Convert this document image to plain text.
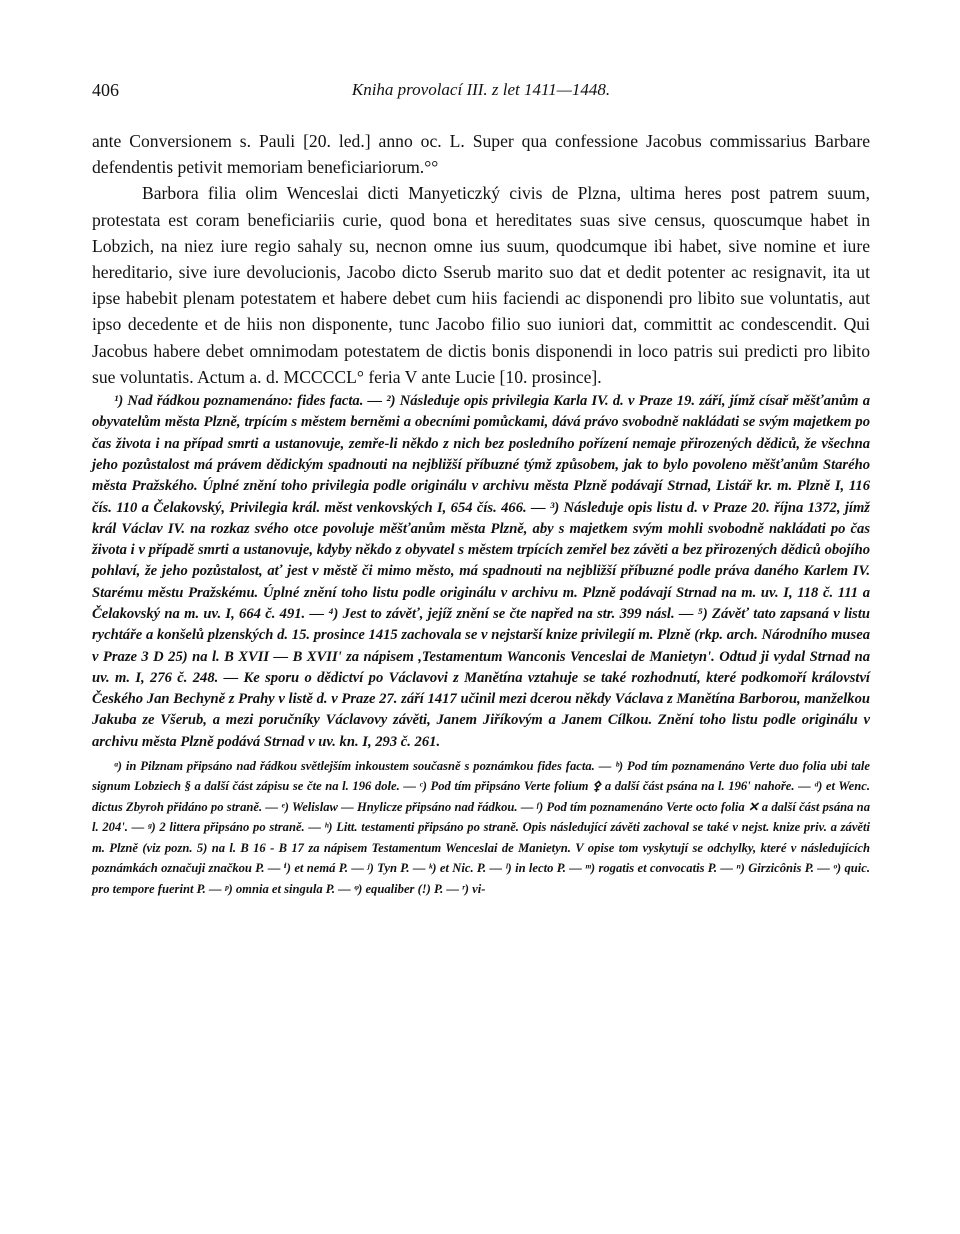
406	Kniha provolací III. z let 1411—1448.

ante Conversionem s. Pauli [20. led.] anno oc. L. Super qua confessione Jacobus commissarius Barbare defendentis petivit memoriam beneficiariorum.°°

Barbora filia olim Wenceslai dicti Manyeticzký civis de Plzna, ultima heres post patrem suum, protestata est coram beneficiariis curie, quod bona et hereditates suas sive census, quoscumque habet in Lobzich, na niez iure regio sahaly su, necnon omne ius suum, quodcumque ibi habet, sive nomine et iure hereditario, sive iure devolucionis, Jacobo dicto Sserub marito suo dat et dedit potenter ac resignavit, ita ut ipse habebit plenam potestatem et habere debet cum hiis faciendi ac disponendi pro libito sue voluntatis, aut ipso decedente et de hiis non disponente, tunc Jacobo filio suo iuniori dat, committit ac condescendit. Qui Jacobus habere debet omnimodam potestatem de dictis bonis disponendi in loco patris sui predicti pro libito sue voluntatis. Actum a. d. MCCCCL° feria V ante Lucie [10. prosince].

¹) Nad řádkou poznamenáno: fides facta. — ²) Následuje opis privilegia Karla IV. d. v Praze 19. září, jímž císař měšťanům a obyvatelům města Plzně, trpícím s městem berněmi a obecními pomůckami, dává právo svobodně nakládati se svým majetkem po čas života i na případ smrti a ustanovuje, zemře-li někdo z nich bez posledního pořízení nemaje přirozených dědiců, že všechna jeho pozůstalost má právem dědickým spadnouti na nejbližší příbuzné týmž způsobem, jak to bylo povoleno měšťanům Starého města Pražského. Úplné znění toho privilegia podle originálu v archivu města Plzně podávají Strnad, Listář kr. m. Plzně I, 116 čís. 110 a Čelakovský, Privilegia král. měst venkovských I, 654 čís. 466. — ³) Následuje opis listu d. v Praze 20. října 1372, jímž král Václav IV. na rozkaz svého otce povoluje měšťanům města Plzně, aby s majetkem svým mohli svobodně nakládati po čas života i v případě smrti a ustanovuje, kdyby někdo z obyvatel s městem trpících zemřel bez závěti a bez přirozených dědiců obojího pohlaví, že jeho pozůstalost, ať jest v městě či mimo město, má spadnouti na nejbližší příbuzné podle práva daného Karlem IV. Starému městu Pražskému. Úplné znění toho listu podle originálu v archivu m. Plzně podávají Strnad na m. uv. I, 118 č. 111 a Čelakovský na m. uv. I, 664 č. 491. — ⁴) Jest to závěť, jejíž znění se čte napřed na str. 399 násl. — ⁵) Závěť tato zapsaná v listu rychtáře a konšelů plzenských d. 15. prosince 1415 zachovala se v nejstarší knize privilegií m. Plzně (rkp. arch. Národního musea v Praze 3 D 25) na l. B XVII — B XVII' za nápisem ,Testamentum Wanconis Venceslai de Manietyn'. Odtud ji vydal Strnad na uv. m. I, 276 č. 248. — Ke sporu o dědictví po Václavovi z Manětína vztahuje se také rozhodnutí, které podkomoří království Českého Jan Bechyně z Prahy v listě d. v Praze 27. září 1417 učinil mezi dcerou někdy Václava z Manětína Barborou, manželkou Jakuba ze Všerub, a mezi poručníky Václavovy závěti, Janem Jiříkovým a Janem Cílkou. Znění toho listu podle originálu v archivu města Plzně podává Strnad v uv. kn. I, 293 č. 261.
ᵃ) in Pilznam připsáno nad řádkou světlejším inkoustem současně s poznámkou fides facta. — ᵇ) Pod tím poznamenáno Verte duo folia ubi tale signum Lobziech § a další část zápisu se čte na l. 196 dole. — ᶜ) Pod tím připsáno Verte folium ⚴ a další část psána na l. 196' nahoře. — ᵈ) et Wenc. dictus Zbyroh přidáno po straně. — ᵉ) Welislaw — Hnylicze připsáno nad řádkou. — ᶠ) Pod tím poznamenáno Verte octo folia ✕ a další část psána na l. 204'. — ᵍ) 2 littera připsáno po straně. — ʰ) Litt. testamenti připsáno po straně. Opis následující závěti zachoval se také v nejst. knize priv. a závěti m. Plzně (viz pozn. 5) na l. B 16 - B 17 za nápisem Testamentum Wenceslai de Manietyn. V opise tom vyskytují se odchylky, které v následujících poznámkách označuji značkou P. — ⁱ) et nemá P. — ʲ) Tyn P. — ᵏ) et Nic. P. — ˡ) in lecto P. — ᵐ) rogatis et convocatis P. — ⁿ) Girzicônis P. — ᵒ) quic. pro tempore fuerint P. — ᵖ) omnia et singula P. — ᵠ) equaliber (!) P. — ʳ) vi-
